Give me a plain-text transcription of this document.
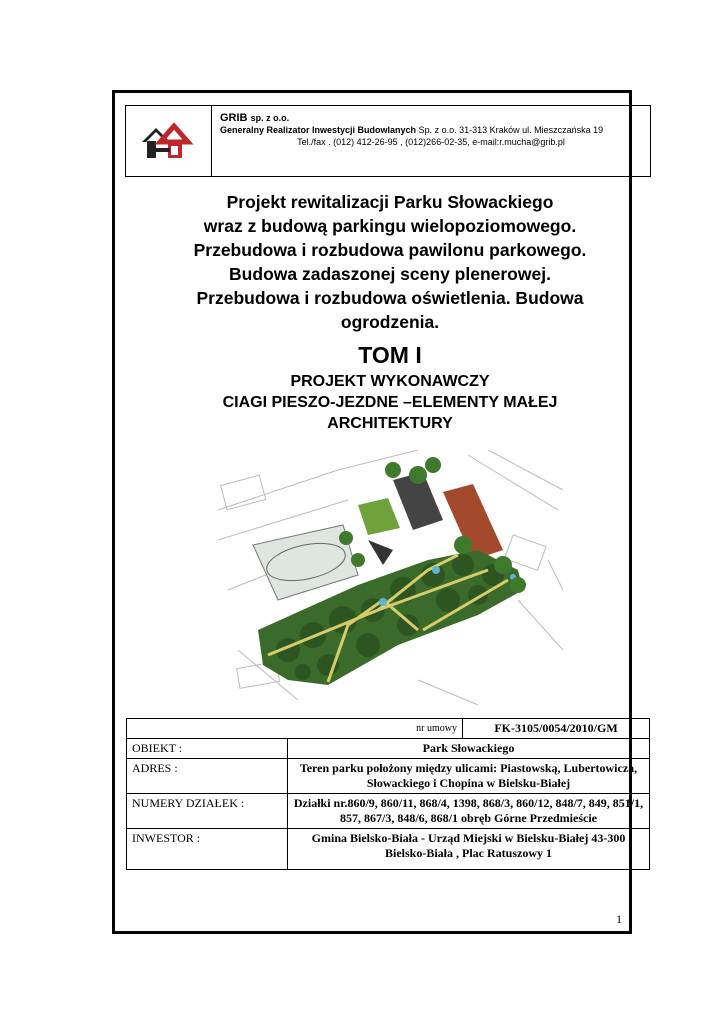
GRIB sp. z o.o.
Generalny Realizator Inwestycji Budowlanych Sp. z o.o. 31-313 Kraków ul. Mieszczańska 19
Tel./fax . (012) 412-26-95 , (012)266-02-35, e-mail:r.mucha@grib.pl
Projekt rewitalizacji Parku Słowackiego
wraz z budową parkingu wielopoziomowego.
Przebudowa i rozbudowa pawilonu parkowego.
Budowa zadaszonej sceny plenerowej.
Przebudowa i rozbudowa oświetlenia. Budowa
ogrodzenia.
TOM I
PROJEKT WYKONAWCZY
CIAGI PIESZO-JEZDNE –ELEMENTY MAŁEJ
ARCHITEKTURY
	nr umowy	FK-3105/0054/2010/GM
OBIEKT :	Park Słowackiego	
ADRES :	Teren parku położony między ulicami: Piastowską, Lubertowicza, Słowackiego i Chopina w Bielsku-Białej	
NUMERY DZIAŁEK :	Działki nr.860/9, 860/11, 868/4, 1398, 868/3, 860/12, 848/7, 849, 851/1, 857, 867/3, 848/6, 868/1 obręb Górne Przedmieście	
INWESTOR :	Gmina Bielsko-Biała - Urząd Miejski w Bielsku-Białej 43-300 Bielsko-Biała , Plac Ratuszowy 1	
1
